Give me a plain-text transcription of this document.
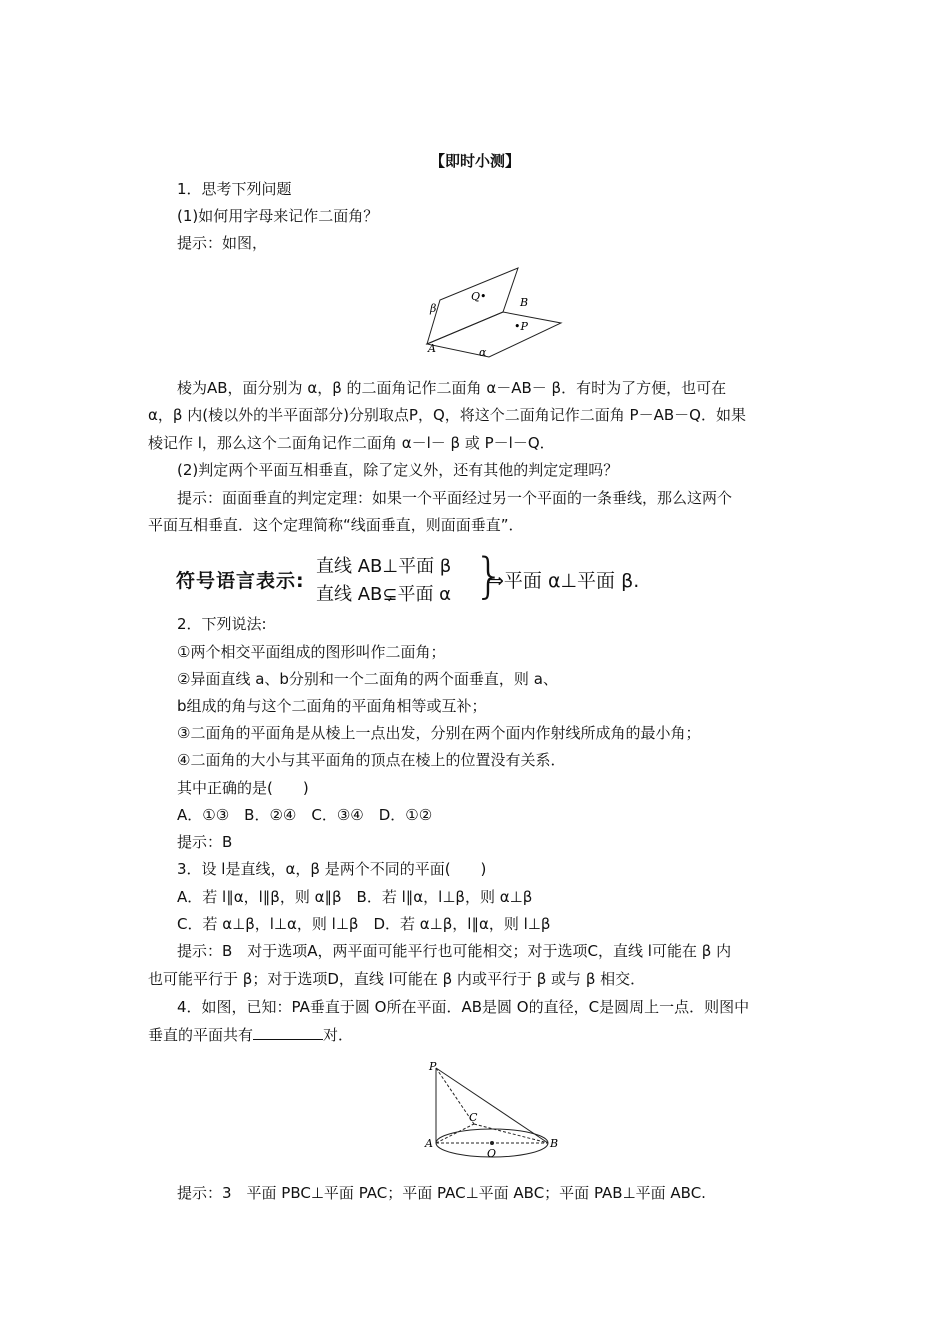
【即时小测】
1．思考下列问题
(1)如何用字母来记作二面角？
提示：如图，
β
Q•	B
•P
A	α
棱为AB，面分别为 α，β 的二面角记作二面角 α－AB－ β．有时为了方便，也可在
α，β 内(棱以外的半平面部分)分别取点P，Q，将这个二面角记作二面角 P－AB－Q．如果
棱记作 l，那么这个二面角记作二面角 α－l－ β 或 P－l－Q．
(2)判定两个平面互相垂直，除了定义外，还有其他的判定定理吗？
提示：面面垂直的判定定理：如果一个平面经过另一个平面的一条垂线，那么这两个
平面互相垂直．这个定理简称“线面垂直，则面面垂直”．
符号语言表示:
直线 AB⊥平面 β
直线 AB⊊平面 α }
⇒平面 α⊥平面 β.
2．下列说法:
①两个相交平面组成的图形叫作二面角；
②异面直线 a、b分别和一个二面角的两个面垂直，则 a、
b组成的角与这个二面角的平面角相等或互补；
③二面角的平面角是从棱上一点出发，分别在两个面内作射线所成角的最小角；
④二面角的大小与其平面角的顶点在棱上的位置没有关系．
其中正确的是(　　)
A．①③　B．②④　C．③④　D．①②
提示：B
3．设 l是直线，α，β 是两个不同的平面(　　)
A．若 l∥α，l∥β，则 α∥β　B．若 l∥α，l⊥β，则 α⊥β
C．若 α⊥β，l⊥α，则 l⊥β　D．若 α⊥β，l∥α，则 l⊥β
提示：B　对于选项A，两平面可能平行也可能相交；对于选项C，直线 l可能在 β 内
也可能平行于 β；对于选项D，直线 l可能在 β 内或平行于 β 或与 β 相交．
4．如图，已知：PA垂直于圆 O所在平面．AB是圆 O的直径，C是圆周上一点．则图中
垂直的平面共有	对．
P
C
A
O
B
提示：3　平面 PBC⊥平面 PAC；平面 PAC⊥平面 ABC；平面 PAB⊥平面 ABC.
